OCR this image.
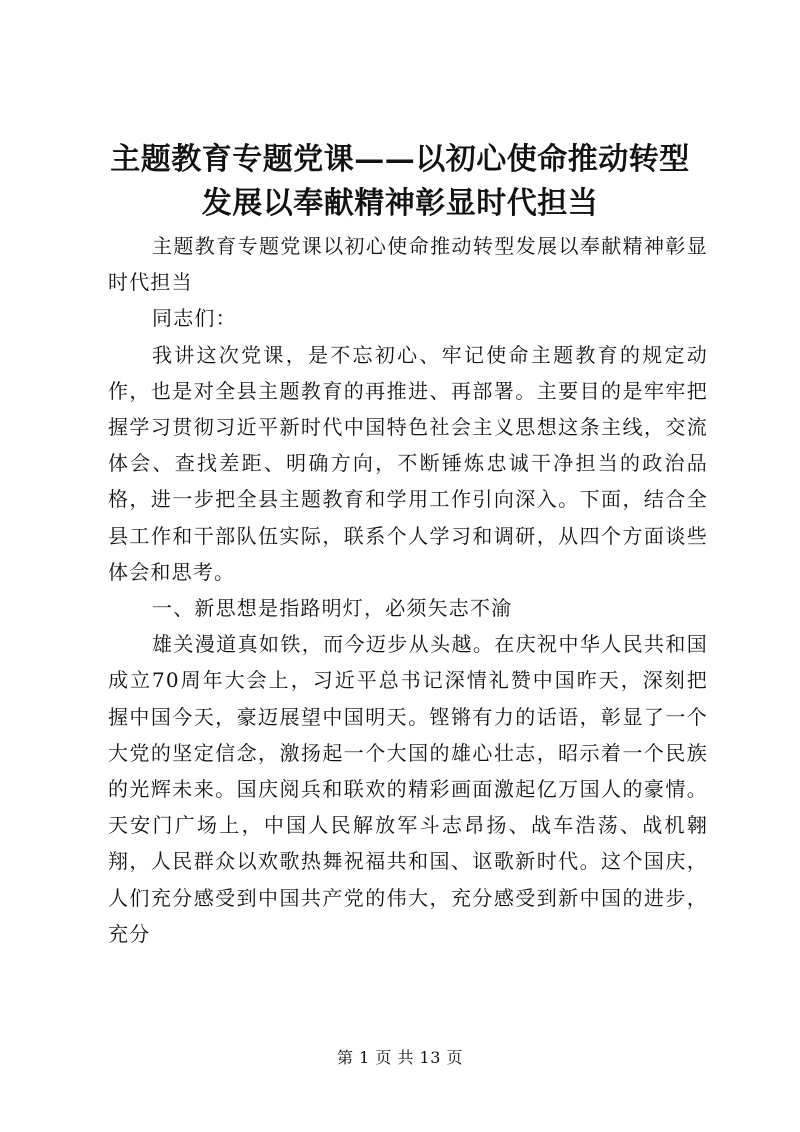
主题教育专题党课——以初心使命推动转型发展以奉献精神彰显时代担当

主题教育专题党课以初心使命推动转型发展以奉献精神彰显时代担当

同志们：

我讲这次党课，是不忘初心、牢记使命主题教育的规定动作，也是对全县主题教育的再推进、再部署。主要目的是牢牢把握学习贯彻习近平新时代中国特色社会主义思想这条主线，交流体会、查找差距、明确方向，不断锤炼忠诚干净担当的政治品格，进一步把全县主题教育和学用工作引向深入。下面，结合全县工作和干部队伍实际，联系个人学习和调研，从四个方面谈些体会和思考。

一、新思想是指路明灯，必须矢志不渝

雄关漫道真如铁，而今迈步从头越。在庆祝中华人民共和国成立70周年大会上，习近平总书记深情礼赞中国昨天，深刻把握中国今天，豪迈展望中国明天。铿锵有力的话语，彰显了一个大党的坚定信念，激扬起一个大国的雄心壮志，昭示着一个民族的光辉未来。国庆阅兵和联欢的精彩画面激起亿万国人的豪情。天安门广场上，中国人民解放军斗志昂扬、战车浩荡、战机翱翔，人民群众以欢歌热舞祝福共和国、讴歌新时代。这个国庆，人们充分感受到中国共产党的伟大，充分感受到新中国的进步，充分

第 1 页 共 13 页
